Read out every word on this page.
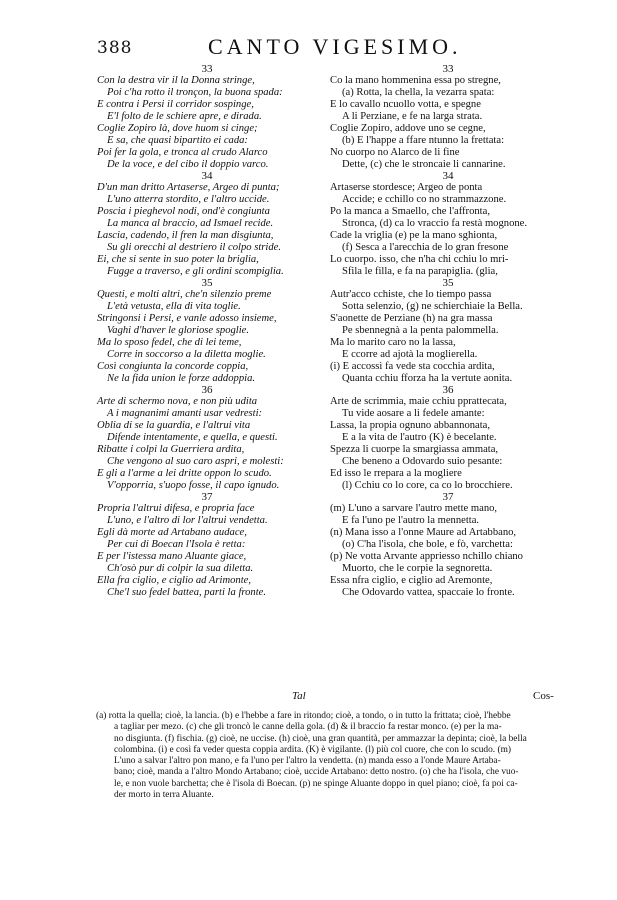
388	CANTO VIGESIMO.
33
Con la destra vir il la Donna stringe,
Poi c'ha rotto il tronçon, la buona spada:
E contra i Persi il corridor sospinge,
E'l folto de le schiere apre, e dirada.
Coglie Zopiro là, dove huom si cinge;
E sa, che quasi bipartito ei cada:
Poi fer la gola, e tronca al crudo Alarco
De la voce, e del cibo il doppio varco.
34
D'un man dritto Artaserse, Argeo di punta;
L'uno atterra stordito, e l'altro uccide.
Poscia i pieghevol nodi, ond'è congiunta
La manca al braccio, ad Ismael recide.
Lascia, cadendo, il fren la man disgiunta,
Su gli orecchi al destriero il colpo stride.
Ei, che si sente in suo poter la briglia,
Fugge a traverso, e gli ordini scompiglia.
35
Questi, e molti altri, che'n silenzio preme
L'età vetusta, ella di vita toglie.
Stringonsi i Persi, e vanle adosso insieme,
Vaghi d'haver le gloriose spoglie.
Ma lo sposo fedel, che di lei teme,
Corre in soccorso a la diletta moglie.
Così congiunta la concorde coppia,
Ne la fida union le forze addoppia.
36
Arte di schermo nova, e non più udita
A i magnanimi amanti usar vedresti:
Oblia di se la guardia, e l'altrui vita
Difende intentamente, e quella, e questi.
Ribatte i colpi la Guerriera ardita,
Che vengono al suo caro aspri, e molesti:
E gli a l'arme a lei dritte oppon lo scudo.
V'opporria, s'uopo fosse, il capo ignudo.
37
Propria l'altrui difesa, e propria face
L'uno, e l'altro di lor l'altrui vendetta.
Egli dà morte ad Artabano audace,
Per cui di Boecan l'Isola è retta:
E per l'istessa mano Aluante giace,
Ch'osò pur di colpir la sua diletta.
Ella fra ciglio, e ciglio ad Arimonte,
Che'l suo fedel battea, parti la fronte.
33
Co la mano hommenina essa po stregne,
(a) Rotta, la chella, la vezarra spata:
E lo cavallo ncuollo votta, e spegne
A li Perziane, e fe na larga strata.
Coglie Zopiro, addove uno se cegne,
(b) E l'happe a ffare ntunno la frettata:
No cuorpo no Alarco de li fine
Dette, (c) che le stroncaie li cannarine.
34
Artaserse stordesce; Argeo de ponta
Accide; e cchillo co no strammazzone.
Po la manca a Smaello, che l'affronta,
Stronca, (d) ca lo vraccio fa restà mognone.
Cade la vriglia (e) pe la mano sghionta,
(f) Sesca a l'arecchia de lo gran fresone
Lo cuorpo. isso, che n'ha chi cchiu lo mri-
Sfila le filla, e fa na parapiglia. (glia,
35
Autr'acco cchiste, che lo tiempo passa
Sotta selenzio, (g) ne schierchiaie la Bella.
S'aonette de Perziane (h) na gra massa
Pe sbennegnà a la penta palommella.
Ma lo marito caro no la lassa,
E ccorre ad ajotà la moglierella.
(i) E accossì fa vede sta cocchia ardita,
Quanta cchiu fforza ha la vertute aonita.
36
Arte de scrimmia, maie cchiu pprattecata,
Tu vide aosare a li fedele amante:
Lassa, la propia ognuno abbannonata,
E a la vita de l'autro (K) è becelante.
Spezza li cuorpe la smargiassa ammata,
Che beneno a Odovardo suio pesante:
Ed isso le rrepara a la mogliere
(l) Cchiu co lo core, ca co lo brocchiere.
37
(m) L'uno a sarvare l'autro mette mano,
E fa l'uno pe l'autro la mennetta.
(n) Mana isso a l'onne Maure ad Artabbano,
(o) C'ha l'isola, che bole, e fò, varchetta:
(p) Ne votta Arvante appriesso nchillo chiano
Muorto, che le corpie la segnoretta.
Essa nfra ciglio, e ciglio ad Aremonte,
Che Odovardo vattea, spaccaie lo fronte.
Tal	Cos-
(a) rotta la quella; cioè, la lancia. (b) e l'hebbe a fare in ritondo; cioè, a tondo, o in tutto la frittata; cioè, l'hebbe
a tagliar per mezo. (c) che gli troncò le canne della gola. (d) & il braccio fa restar monco. (e) per la ma-
no disgiunta. (f) fischia. (g) cioè, ne uccise. (h) cioè, una gran quantità, per ammazzar la depinta; cioè, la bella
colombina. (i) e così fa veder questa coppia ardita. (K) è vigilante. (l) più col cuore, che con lo scudo. (m)
L'uno a salvar l'altro pon mano, e fa l'uno per l'altro la vendetta. (n) manda esso a l'onde Maure Artaba-
bano; cioè, manda a l'altro Mondo Artabano; cioè, uccide Artabano: detto nostro. (o) che ha l'isola, che vuo-
le, e non vuole barchetta; che è l'isola di Boecan. (p) ne spinge Aluante doppo in quel piano; cioè, fa poi ca-
der morto in terra Aluante.
